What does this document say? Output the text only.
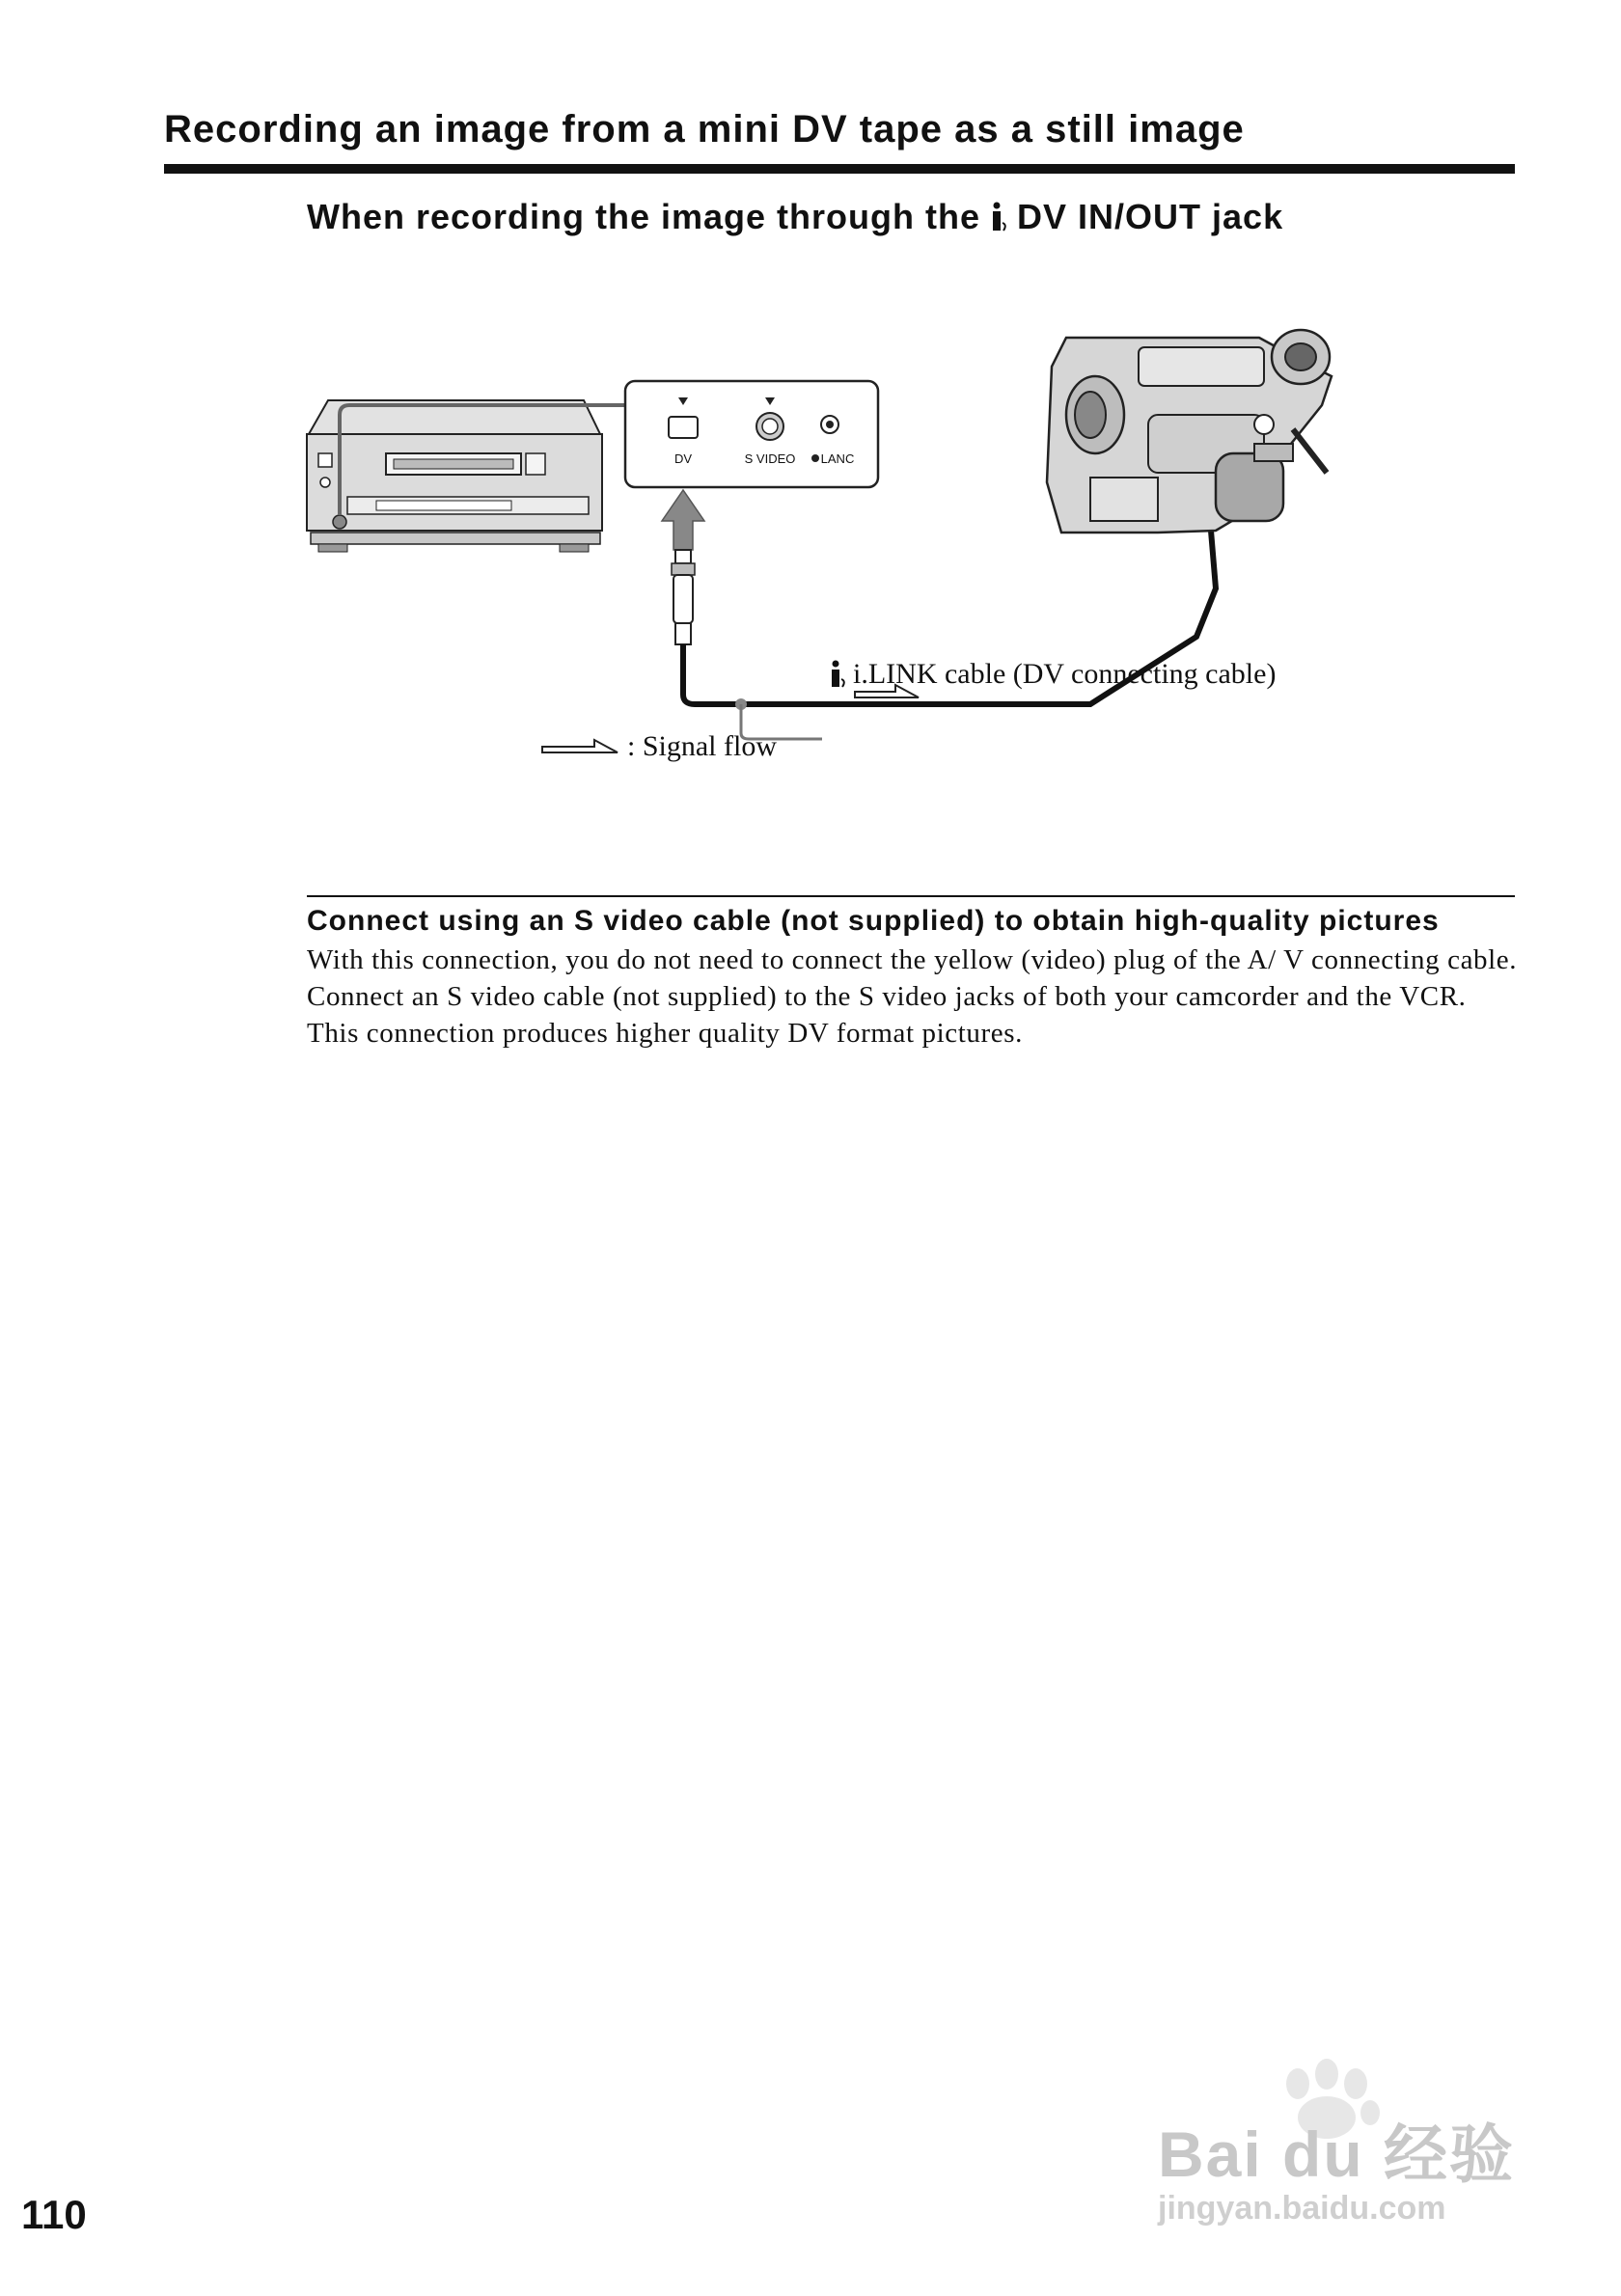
Recording an image from a mini DV tape as a still image
When recording the image through the DV IN/OUT jack
DV	S VIDEO LANC
i.LINK cable (DV connecting cable)
: Signal flow
Connect using an S video cable (not supplied) to obtain high-quality pictures

With this connection, you do not need to connect the yellow (video) plug of the A/ V connecting cable.

Connect an S video cable (not supplied) to the S video jacks of both your camcorder and the VCR.

This connection produces higher quality DV format pictures.

Bai du 经验
jingyan.baidu.com
110
